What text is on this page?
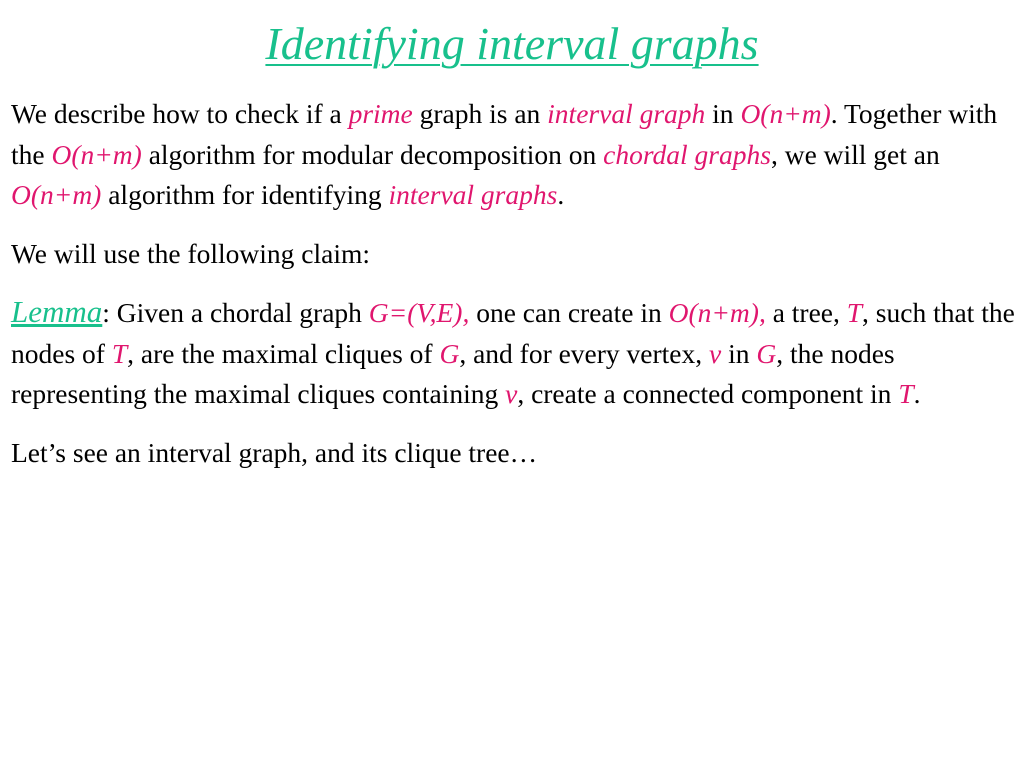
Identifying interval graphs

We describe how to check if a prime graph is an interval graph in O(n+m). Together with the O(n+m) algorithm for modular decomposition on chordal graphs, we will get an O(n+m) algorithm for identifying interval graphs.

We will use the following claim:

Lemma: Given a chordal graph G=(V,E), one can create in O(n+m), a tree, T, such that the nodes of T, are the maximal cliques of G, and for every vertex, v in G, the nodes representing the maximal cliques containing v, create a connected component in T.

Let’s see an interval graph, and its clique tree…
